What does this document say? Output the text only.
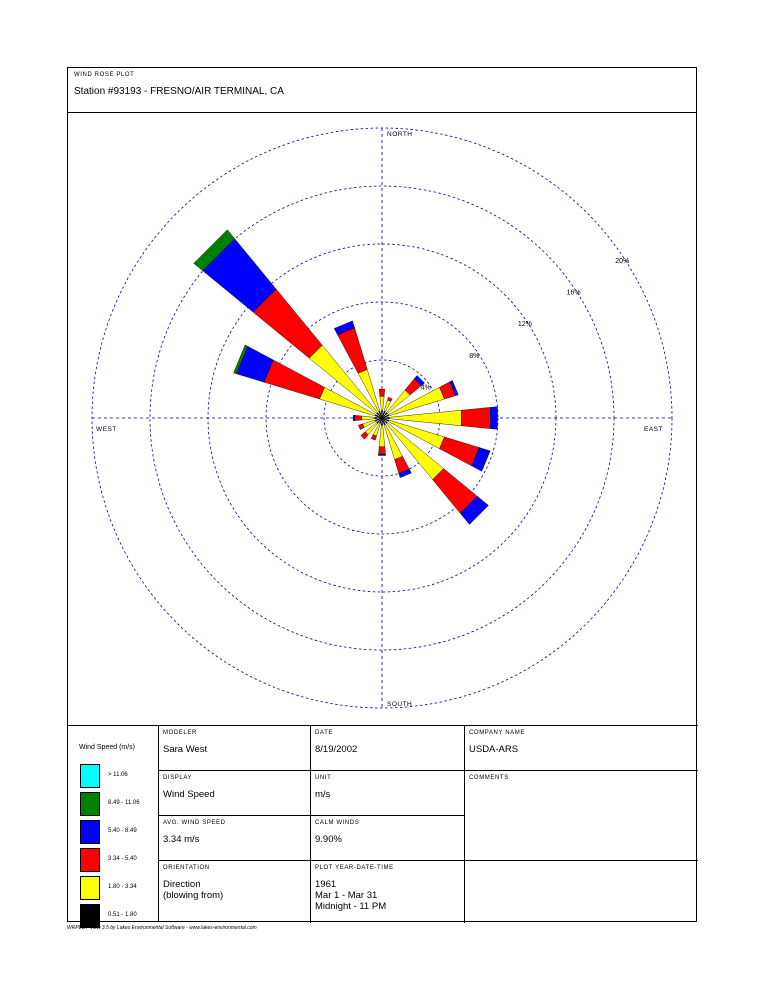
WIND ROSE PLOT
Station #93193 - FRESNO/AIR TERMINAL, CA
4%
8%
12%
16%
20%
NORTH
SOUTH
EAST
WEST
Wind Speed (m/s)
> 11.06
8.49 - 11.06
5.40 - 8.49
3.34 - 5.40
1.80 - 3.34
0.51 - 1.80
MODELER
Sara West
DATE
8/19/2002
COMPANY NAME
USDA-ARS
DISPLAY
Wind Speed
UNIT
m/s
COMMENTS
AVG. WIND SPEED
3.34 m/s
CALM WINDS
9.90%
ORIENTATION
Direction
(blowing from)
PLOT YEAR-DATE-TIME
1961
Mar 1 - Mar 31
Midnight - 11 PM
WRPLOT View 3.5 by Lakes Environmental Software - www.lakes-environmental.com
